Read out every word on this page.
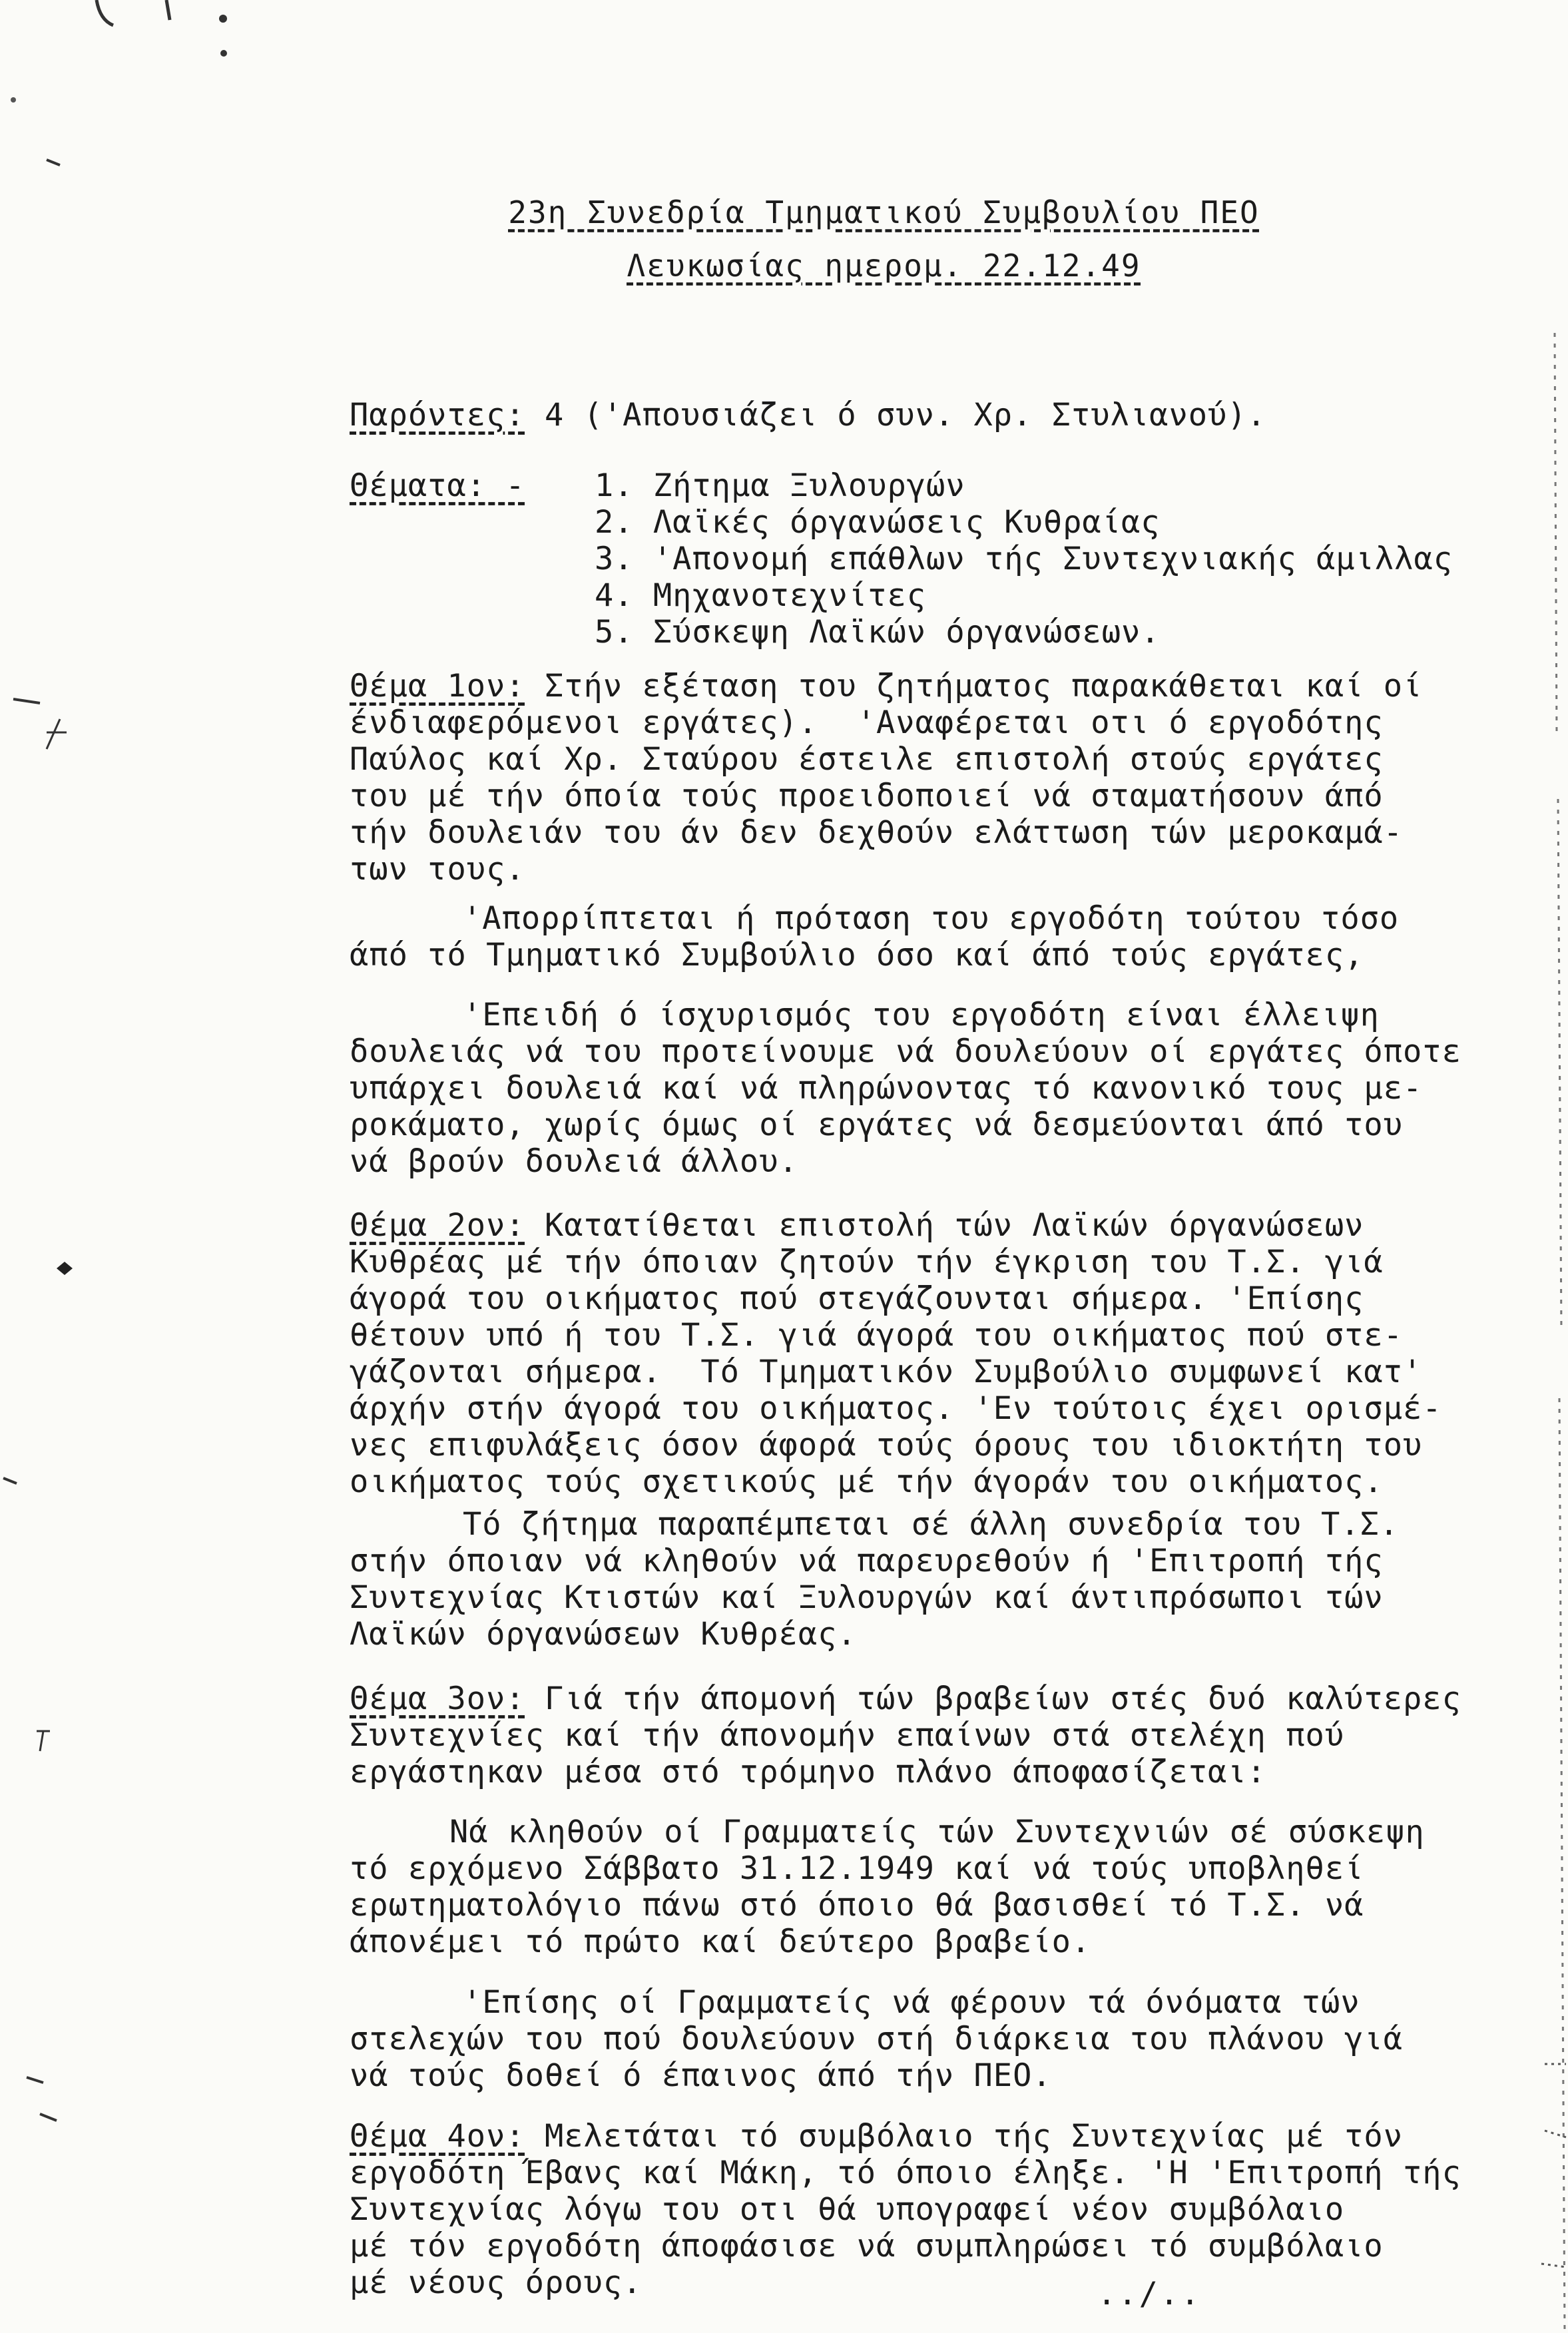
23η Συνεδρία Τμηματικού Συμβουλίου ΠΕΟ
Λευκωσίας ημερομ. 22.12.49
Παρόντες: 4 ('Απουσιάζει ό συν. Χρ. Στυλιανού).
Θέματα: - 1. Ζήτημα Ξυλουργών
2. Λαϊκές όργανώσεις Κυθραίας
3. 'Απονομή επάθλων τής Συντεχνιακής άμιλλας
4. Μηχανοτεχνίτες
5. Σύσκεψη Λαϊκών όργανώσεων.
Θέμα 1ον: Στήν εξέταση του ζητήματος παρακάθεται καί οί
ένδιαφερόμενοι εργάτες).  'Αναφέρεται οτι ό εργοδότης
Παύλος καί Χρ. Σταύρου έστειλε επιστολή στούς εργάτες
του μέ τήν όποία τούς προειδοποιεί νά σταματήσουν άπό
τήν δουλειάν του άν δεν δεχθούν ελάττωση τών μεροκαμά-
των τους.
'Απορρίπτεται ή πρόταση του εργοδότη τούτου τόσο
άπό τό Τμηματικό Συμβούλιο όσο καί άπό τούς εργάτες,
'Επειδή ό ίσχυρισμός του εργοδότη είναι έλλειψη
δουλειάς νά του προτείνουμε νά δουλεύουν οί εργάτες όποτε
υπάρχει δουλειά καί νά πληρώνοντας τό κανονικό τους με-
ροκάματο, χωρίς όμως οί εργάτες νά δεσμεύονται άπό του
νά βρούν δουλειά άλλου.
Θέμα 2ον: Κατατίθεται επιστολή τών Λαϊκών όργανώσεων
Κυθρέας μέ τήν όποιαν ζητούν τήν έγκριση του Τ.Σ. γιά
άγορά του οικήματος πού στεγάζουνται σήμερα. 'Επίσης
θέτουν υπό ή του Τ.Σ. γιά άγορά του οικήματος πού στε-
γάζονται σήμερα.  Τό Τμηματικόν Συμβούλιο συμφωνεί κατ'
άρχήν στήν άγορά του οικήματος. 'Εν τούτοις έχει ορισμέ-
νες επιφυλάξεις όσον άφορά τούς όρους του ιδιοκτήτη του
οικήματος τούς σχετικούς μέ τήν άγοράν του οικήματος.
Τό ζήτημα παραπέμπεται σέ άλλη συνεδρία του Τ.Σ.
στήν όποιαν νά κληθούν νά παρευρεθούν ή 'Επιτροπή τής
Συντεχνίας Κτιστών καί Ξυλουργών καί άντιπρόσωποι τών
Λαϊκών όργανώσεων Κυθρέας.
Θέμα 3ον: Γιά τήν άπομονή τών βραβείων στές δυό καλύτερες
Συντεχνίες καί τήν άπονομήν επαίνων στά στελέχη πού
εργάστηκαν μέσα στό τρόμηνο πλάνο άποφασίζεται:
Νά κληθούν οί Γραμματείς τών Συντεχνιών σέ σύσκεψη
τό ερχόμενο Σάββατο 31.12.1949 καί νά τούς υποβληθεί
ερωτηματολόγιο πάνω στό όποιο θά βασισθεί τό Τ.Σ. νά
άπονέμει τό πρώτο καί δεύτερο βραβείο.
'Επίσης οί Γραμματείς νά φέρουν τά όνόματα τών
στελεχών του πού δουλεύουν στή διάρκεια του πλάνου γιά
νά τούς δοθεί ό έπαινος άπό τήν ΠΕΟ.
Θέμα 4ον: Μελετάται τό συμβόλαιο τής Συντεχνίας μέ τόν
εργοδότη Έβανς καί Μάκη, τό όποιο έληξε. 'Η 'Επιτροπή τής
Συντεχνίας λόγω του οτι θά υπογραφεί νέον συμβόλαιο
μέ τόν εργοδότη άποφάσισε νά συμπληρώσει τό συμβόλαιο
μέ νέους όρους.	../..
